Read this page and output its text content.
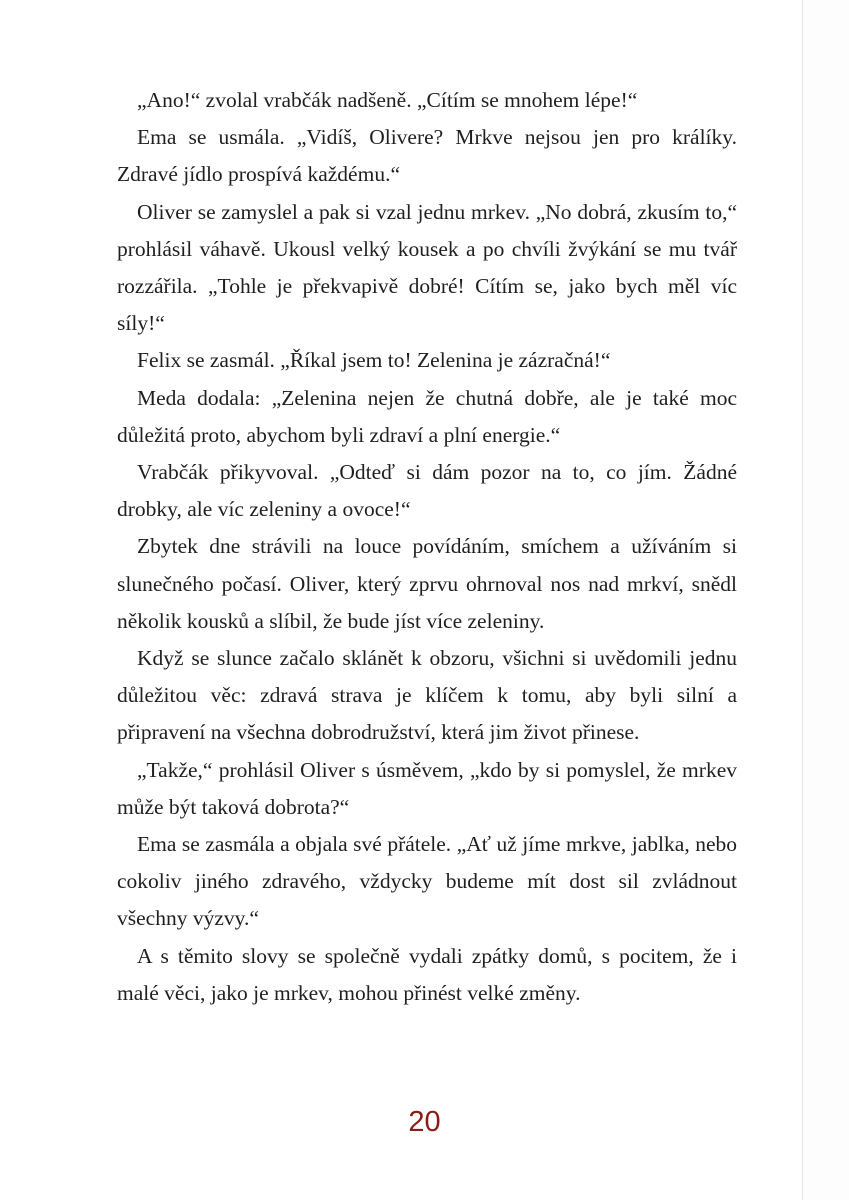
„Ano!“ zvolal vrabčák nadšeně. „Cítím se mnohem lépe!“

Ema se usmála. „Vidíš, Olivere? Mrkve nejsou jen pro králíky. Zdravé jídlo prospívá každému.“

Oliver se zamyslel a pak si vzal jednu mrkev. „No dobrá, zkusím to,“ prohlásil váhavě. Ukousl velký kousek a po chvíli žvýkání se mu tvář rozzářila. „Tohle je překvapivě dobré! Cítím se, jako bych měl víc síly!“

Felix se zasmál. „Říkal jsem to! Zelenina je zázračná!“

Meda dodala: „Zelenina nejen že chutná dobře, ale je také moc důležitá proto, abychom byli zdraví a plní energie.“

Vrabčák přikyvoval. „Odteď si dám pozor na to, co jím. Žádné drobky, ale víc zeleniny a ovoce!“

Zbytek dne strávili na louce povídáním, smíchem a užíváním si slunečného počasí. Oliver, který zprvu ohrnoval nos nad mrkví, snědl několik kousků a slíbil, že bude jíst více zeleniny.

Když se slunce začalo sklánět k obzoru, všichni si uvědomili jednu důležitou věc: zdravá strava je klíčem k tomu, aby byli silní a připravení na všechna dobrodružství, která jim život přinese.

„Takže,“ prohlásil Oliver s úsměvem, „kdo by si pomyslel, že mrkev může být taková dobrota?“

Ema se zasmála a objala své přátele. „Ať už jíme mrkve, jablka, nebo cokoliv jiného zdravého, vždycky budeme mít dost sil zvládnout všechny výzvy.“

A s těmito slovy se společně vydali zpátky domů, s pocitem, že i malé věci, jako je mrkev, mohou přinést velké změny.

20
